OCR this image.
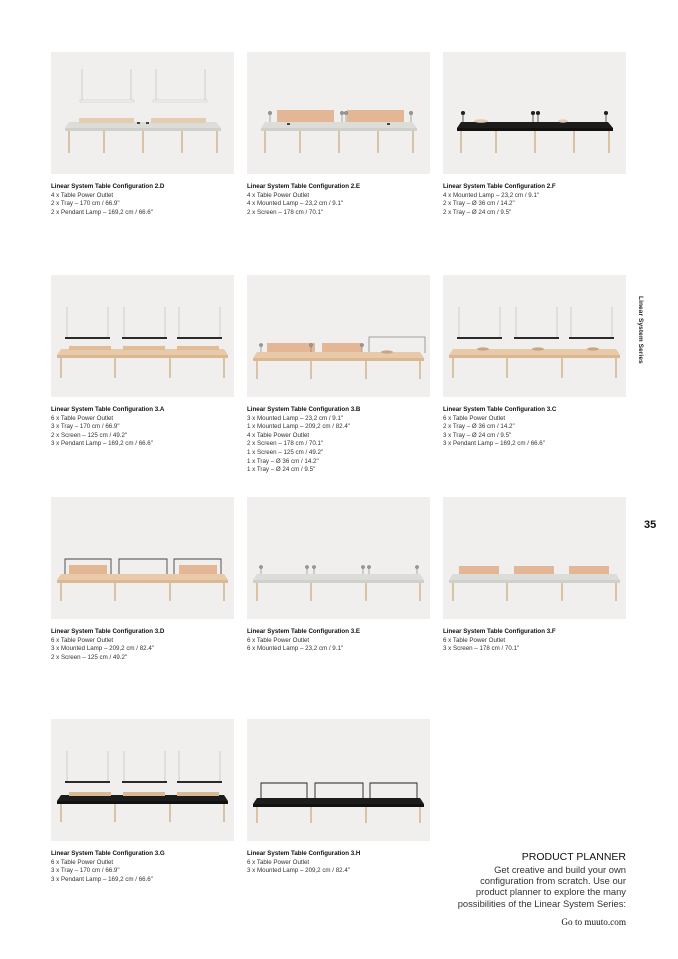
Linear System Table Configuration 2.D
4 x Table Power Outlet
2 x Tray – 170 cm / 66.9"
2 x Pendant Lamp – 169,2 cm / 66.6"
Linear System Table Configuration 2.E
4 x Table Power Outlet
4 x Mounted Lamp – 23,2 cm / 9.1"
2 x Screen – 178 cm / 70.1"
Linear System Table Configuration 2.F
4 x Mounted Lamp – 23,2 cm / 9.1"
2 x Tray – Ø 36 cm / 14.2"
2 x Tray – Ø 24 cm / 9.5"
Linear System Table Configuration 3.A
6 x Table Power Outlet
3 x Tray – 170 cm / 66.9"
2 x Screen – 125 cm / 49.2"
3 x Pendant Lamp – 169,2 cm / 66.6"
Linear System Table Configuration 3.B
3 x Mounted Lamp – 23,2 cm / 9.1"
1 x Mounted Lamp – 209,2 cm / 82.4"
4 x Table Power Outlet
2 x Screen – 178 cm / 70.1"
1 x Screen – 125 cm / 49.2"
1 x Tray – Ø 36 cm / 14.2"
1 x Tray – Ø 24 cm / 9.5"
Linear System Table Configuration 3.C
6 x Table Power Outlet
2 x Tray – Ø 36 cm / 14.2"
3 x Tray – Ø 24 cm / 9.5"
3 x Pendant Lamp – 169,2 cm / 66.6"
Linear System Table Configuration 3.D
6 x Table Power Outlet
3 x Mounted Lamp – 209,2 cm / 82.4"
2 x Screen – 125 cm / 49.2"
Linear System Table Configuration 3.E
6 x Table Power Outlet
6 x Mounted Lamp – 23,2 cm / 9.1"
Linear System Table Configuration 3.F
6 x Table Power Outlet
3 x Screen – 178 cm / 70.1"
Linear System Table Configuration 3.G
6 x Table Power Outlet
3 x Tray – 170 cm / 66.9"
3 x Pendant Lamp – 169,2 cm / 66.6"
Linear System Table Configuration 3.H
6 x Table Power Outlet
3 x Mounted Lamp – 209,2 cm / 82.4"
Linear System Series
35
PRODUCT PLANNER
Get creative and build your own
configuration from scratch. Use our
product planner to explore the many
possibilities of the Linear System Series:
Go to muuto.com
